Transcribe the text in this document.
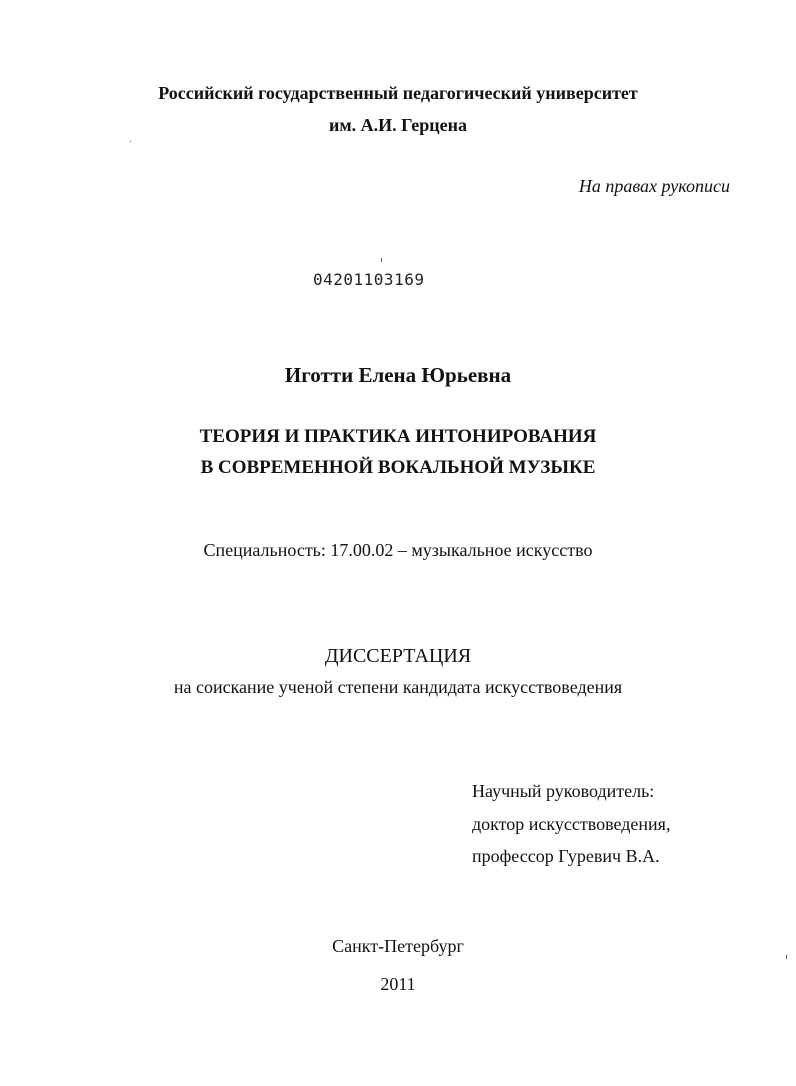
Российский государственный педагогический университет
им. А.И. Герцена
На правах рукописи
04201103169
Иготти Елена Юрьевна
ТЕОРИЯ И ПРАКТИКА ИНТОНИРОВАНИЯ
В СОВРЕМЕННОЙ ВОКАЛЬНОЙ МУЗЫКЕ
Специальность: 17.00.02 – музыкальное искусство
ДИССЕРТАЦИЯ
на соискание ученой степени кандидата искусствоведения
Научный руководитель:
доктор искусствоведения,
профессор Гуревич В.А.
Санкт-Петербург
2011
